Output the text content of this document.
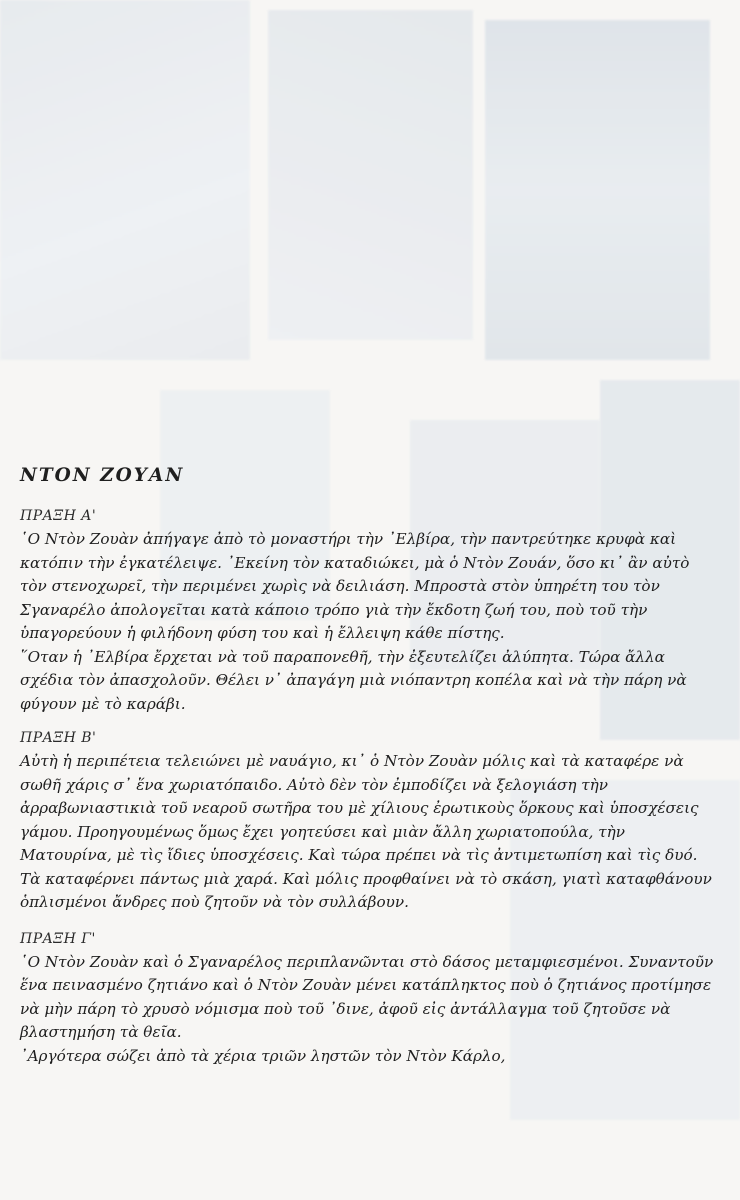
ΝΤΟΝ ΖΟΥΑΝ
ΠΡΑΞΗ Α'

῾Ο Ντὸν Ζουὰν ἀπήγαγε ἀπὸ τὸ μοναστήρι τὴν ᾿Ελβίρα, τὴν παντρεύτηκε κρυφὰ καὶ κατόπιν τὴν ἐγκατέλειψε. ᾿Εκείνη τὸν καταδιώκει, μὰ ὁ Ντὸν Ζουάν, ὅσο κι᾿ ἂν αὐτὸ τὸν στενοχωρεῖ, τὴν περιμένει χωρὶς νὰ δειλιάση. Μπροστὰ στὸν ὑπηρέτη του τὸν Σγαναρέλο ἀπολογεῖται κατὰ κάποιο τρόπο γιὰ τὴν ἔκδοτη ζωή του, ποὺ τοῦ τὴν ὑπαγορεύουν ἡ φιλήδονη φύση του καὶ ἡ ἔλλειψη κάθε πίστης.

῞Οταν ἡ ᾿Ελβίρα ἔρχεται νὰ τοῦ παραπονεθῆ, τὴν ἐξευτελίζει ἀλύπητα. Τώρα ἄλλα σχέδια τὸν ἀπασχολοῦν. Θέλει ν᾿ ἀπαγάγη μιὰ νιόπαντρη κοπέλα καὶ νὰ τὴν πάρη νὰ φύγουν μὲ τὸ καράβι.

ΠΡΑΞΗ Β'

Αὐτὴ ἡ περιπέτεια τελειώνει μὲ ναυάγιο, κι᾿ ὁ Ντὸν Ζουὰν μόλις καὶ τὰ καταφέρε νὰ σωθῆ χάρις σ᾿ ἕνα χωριατόπαιδο. Αὐτὸ δὲν τὸν ἐμποδίζει νὰ ξελογιάση τὴν ἀρραβωνιαστικιὰ τοῦ νεαροῦ σωτῆρα του μὲ χίλιους ἐρωτικοὺς ὅρκους καὶ ὑποσχέσεις γάμου. Προηγουμένως ὅμως ἔχει γοητεύσει καὶ μιὰν ἄλλη χωριατοπούλα, τὴν Ματουρίνα, μὲ τὶς ἴδιες ὑποσχέσεις. Καὶ τώρα πρέπει νὰ τὶς ἀντιμετωπίση καὶ τὶς δυό. Τὰ καταφέρνει πάντως μιὰ χαρά. Καὶ μόλις προφθαίνει νὰ τὸ σκάση, γιατὶ καταφθάνουν ὁπλισμένοι ἄνδρες ποὺ ζητοῦν νὰ τὸν συλλάβουν.

ΠΡΑΞΗ Γ'

῾Ο Ντὸν Ζουὰν καὶ ὁ Σγαναρέλος περιπλανῶνται στὸ δάσος μεταμφιεσμένοι. Συναντοῦν ἕνα πεινασμένο ζητιάνο καὶ ὁ Ντὸν Ζουὰν μένει κατάπληκτος ποὺ ὁ ζητιάνος προτίμησε νὰ μὴν πάρη τὸ χρυσὸ νόμισμα ποὺ τοῦ ᾿δινε, ἀφοῦ εἰς ἀντάλλαγμα τοῦ ζητοῦσε νὰ βλαστημήση τὰ θεῖα.

᾿Αργότερα σώζει ἀπὸ τὰ χέρια τριῶν ληστῶν τὸν Ντὸν Κάρλο,
